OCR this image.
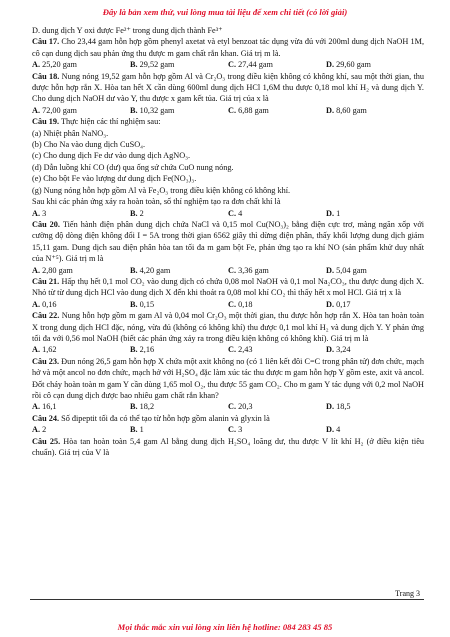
Đây là bản xem thử, vui lòng mua tài liệu để xem chi tiết (có lời giải)

D. dung dịch Y oxi được Fe²⁺ trong dung dịch thành Fe³⁺

Câu 17. Cho 23,44 gam hỗn hợp gồm phenyl axetat và etyl benzoat tác dụng vừa đủ với 200ml dung dịch NaOH 1M, cô cạn dung dịch sau phản ứng thu được m gam chất rắn khan. Giá trị m là.

A. 25,20 gam	B. 29,52 gam	C. 27,44 gam	D. 29,60 gam

Câu 18. Nung nóng 19,52 gam hỗn hợp gồm Al và Cr₂O₃ trong điều kiện không có không khí, sau một thời gian, thu được hỗn hợp rắn X. Hòa tan hết X cần dùng 600ml dung dịch HCl 1,6M thu được 0,18 mol khí H₂ và dung dịch Y. Cho dung dịch NaOH dư vào Y, thu được x gam kết tủa. Giá trị của x là

A. 72,00 gam	B. 10,32 gam	C. 6,88 gam	D. 8,60 gam

Câu 19. Thực hiện các thí nghiệm sau:

(a) Nhiệt phân NaNO₃.

(b) Cho Na vào dung dịch CuSO₄.

(c) Cho dung dịch Fe dư vào dung dịch AgNO₃.

(d) Dẫn luồng khí CO (dư) qua ống sứ chứa CuO nung nóng.

(e) Cho bột Fe vào lượng dư dung dịch Fe(NO₃)₃.

(g) Nung nóng hỗn hợp gồm Al và Fe₂O₃ trong điều kiện không có không khí.

Sau khi các phản ứng xảy ra hoàn toàn, số thí nghiệm tạo ra đơn chất khí là

A. 3	B. 2	C. 4	D. 1

Câu 20. Tiến hành điện phân dung dịch chứa NaCl và 0,15 mol Cu(NO₃)₂ bằng điện cực trơ, màng ngăn xốp với cường độ dòng điện không đổi I = 5A trong thời gian 6562 giây thì dừng điện phân, thấy khối lượng dung dịch giảm 15,11 gam. Dung dịch sau điện phân hòa tan tối đa m gam bột Fe, phản ứng tạo ra khí NO (sản phẩm khử duy nhất của N⁺⁵). Giá trị m là

A. 2,80 gam	B. 4,20 gam	C. 3,36 gam	D. 5,04 gam

Câu 21. Hấp thụ hết 0,1 mol CO₂ vào dung dịch có chứa 0,08 mol NaOH và 0,1 mol Na₂CO₃, thu được dung dịch X. Nhỏ từ từ dung dịch HCl vào dung dịch X đến khi thoát ra 0,08 mol khí CO₂ thì thấy hết x mol HCl. Giá trị x là

A. 0,16	B. 0,15	C. 0,18	D. 0,17

Câu 22. Nung hỗn hợp gồm m gam Al và 0,04 mol Cr₂O₃ một thời gian, thu được hỗn hợp rắn X. Hòa tan hoàn toàn X trong dung dịch HCl đặc, nóng, vừa đủ (không có không khí) thu được 0,1 mol khí H₂ và dung dịch Y. Y phản ứng tối đa với 0,56 mol NaOH (biết các phản ứng xảy ra trong điều kiện không có không khí). Giá trị m là

A. 1,62	B. 2,16	C. 2,43	D. 3,24

Câu 23. Đun nóng 26,5 gam hỗn hợp X chứa một axit không no (có 1 liên kết đôi C=C trong phân tử) đơn chức, mạch hở và một ancol no đơn chức, mạch hở với H₂SO₄ đặc làm xúc tác thu được m gam hỗn hợp Y gồm este, axit và ancol. Đốt cháy hoàn toàn m gam Y cần dùng 1,65 mol O₂, thu được 55 gam CO₂. Cho m gam Y tác dụng với 0,2 mol NaOH rồi cô cạn dung dịch được bao nhiêu gam chất rắn khan?

A. 16,1	B. 18,2	C. 20,3	D. 18,5

Câu 24. Số đipeptit tối đa có thể tạo từ hỗn hợp gồm alanin và glyxin là

A. 2	B. 1	C. 3	D. 4

Câu 25. Hòa tan hoàn toàn 5,4 gam Al bằng dung dịch H₂SO₄ loãng dư, thu được V lít khí H₂ (ở điều kiện tiêu chuẩn). Giá trị của V là

Trang 3
Mọi thắc mắc xin vui lòng xin liên hệ hotline: 084 283 45 85
